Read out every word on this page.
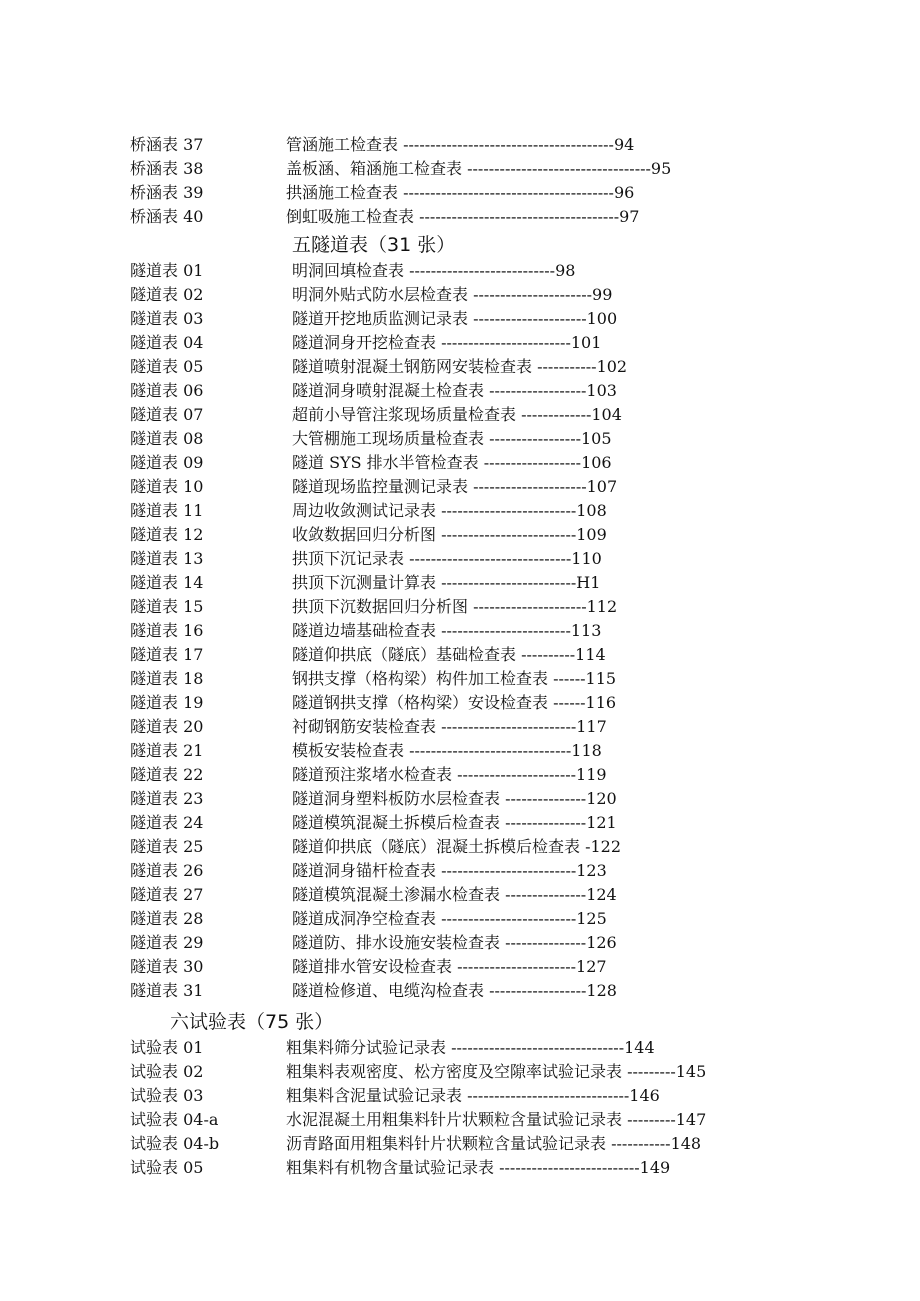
桥涵表 37	管涵施工检查表 ---------------------------------------94
桥涵表 38	盖板涵、箱涵施工检查表 ----------------------------------95
桥涵表 39	拱涵施工检查表 ---------------------------------------96
桥涵表 40	倒虹吸施工检查表 -------------------------------------97
五隧道表（31 张）
隧道表 01	明洞回填检查表 ---------------------------98
隧道表 02	明洞外贴式防水层检查表 ----------------------99
隧道表 03	隧道开挖地质监测记录表 ---------------------100
隧道表 04	隧道洞身开挖检查表 ------------------------101
隧道表 05	隧道喷射混凝土钢筋网安装检查表 -----------102
隧道表 06	隧道洞身喷射混凝土检查表 ------------------103
隧道表 07	超前小导管注浆现场质量检查表 -------------104
隧道表 08	大管棚施工现场质量检查表 -----------------105
隧道表 09	隧道 SYS 排水半管检查表 ------------------106
隧道表 10	隧道现场监控量测记录表 ---------------------107
隧道表 11	周边收敛测试记录表 -------------------------108
隧道表 12	收敛数据回归分析图 -------------------------109
隧道表 13	拱顶下沉记录表 ------------------------------110
隧道表 14	拱顶下沉测量计算表 -------------------------H1
隧道表 15	拱顶下沉数据回归分析图 ---------------------112
隧道表 16	隧道边墙基础检查表 ------------------------113
隧道表 17	隧道仰拱底（隧底）基础检查表 ----------114
隧道表 18	钢拱支撑（格构梁）构件加工检查表 ------115
隧道表 19	隧道钢拱支撑（格构梁）安设检查表 ------116
隧道表 20	衬砌钢筋安装检查表 -------------------------117
隧道表 21	模板安装检查表 ------------------------------118
隧道表 22	隧道预注浆堵水检查表 ----------------------119
隧道表 23	隧道洞身塑料板防水层检查表 ---------------120
隧道表 24	隧道模筑混凝土拆模后检查表 ---------------121
隧道表 25	隧道仰拱底（隧底）混凝土拆模后检查表 -122
隧道表 26	隧道洞身锚杆检查表 -------------------------123
隧道表 27	隧道模筑混凝土渗漏水检查表 ---------------124
隧道表 28	隧道成洞净空检查表 -------------------------125
隧道表 29	隧道防、排水设施安装检查表 ---------------126
隧道表 30	隧道排水管安设检查表 ----------------------127
隧道表 31	隧道检修道、电缆沟检查表 ------------------128
六试验表（75 张）
试验表 01	粗集料筛分试验记录表 --------------------------------144
试验表 02	粗集料表观密度、松方密度及空隙率试验记录表 ---------145
试验表 03	粗集料含泥量试验记录表 ------------------------------146
试验表 04-a	水泥混凝土用粗集料针片状颗粒含量试验记录表 ---------147
试验表 04-b	沥青路面用粗集料针片状颗粒含量试验记录表 -----------148
试验表 05	粗集料有机物含量试验记录表 --------------------------149
